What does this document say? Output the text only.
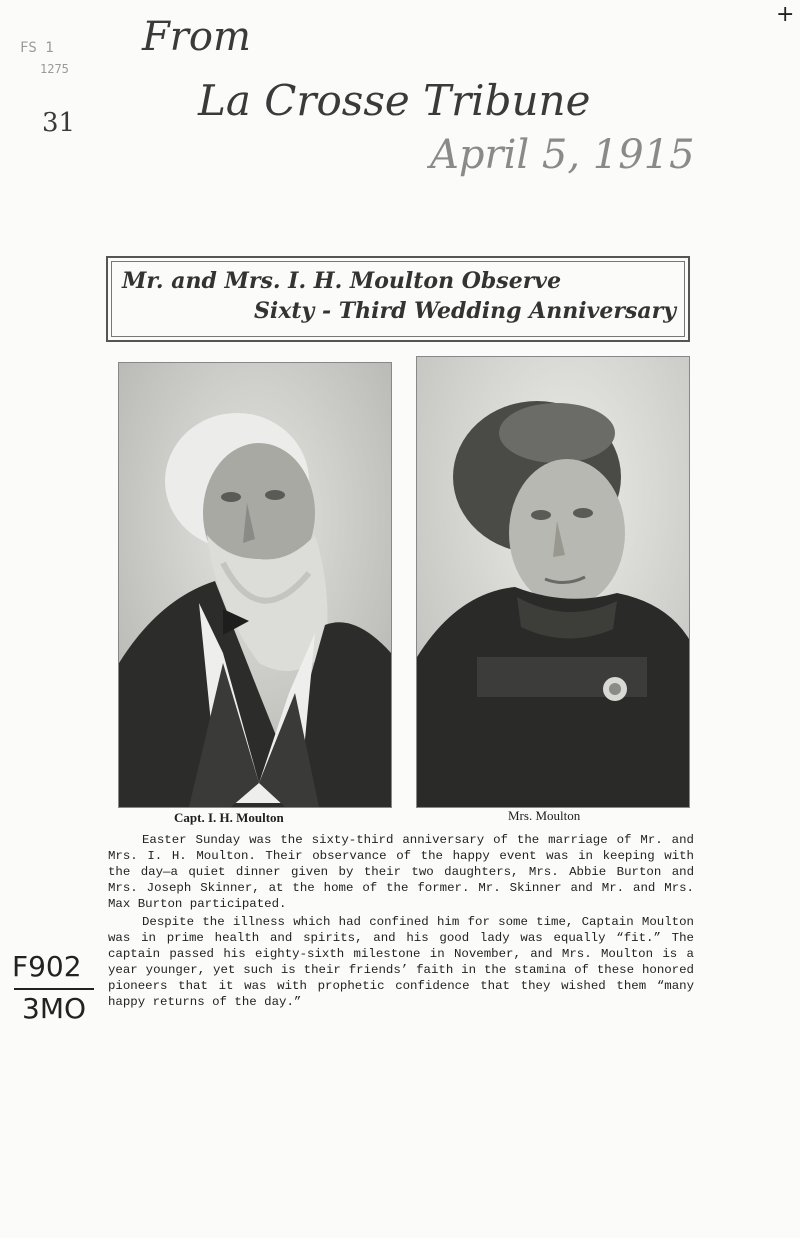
FS 1
1275
31
+
From
La Crosse Tribune
April 5, 1915
Mr. and Mrs. I. H. Moulton Observe
Sixty - Third Wedding Anniversary
Capt. I. H. Moulton	Mrs. Moulton

Easter Sunday was the sixty-third anniversary of the marriage of Mr. and Mrs. I. H. Moulton. Their observance of the happy event was in keeping with the day—a quiet dinner given by their two daughters, Mrs. Abbie Burton and Mrs. Joseph Skinner, at the home of the former. Mr. Skinner and Mr. and Mrs. Max Burton participated.

Despite the illness which had confined him for some time, Captain Moulton was in prime health and spirits, and his good lady was equally “fit.” The captain passed his eighty-sixth milestone in November, and Mrs. Moulton is a year younger, yet such is their friends’ faith in the stamina of these honored pioneers that it was with prophetic confidence that they wished them “many happy returns of the day.”

F902
3MO
